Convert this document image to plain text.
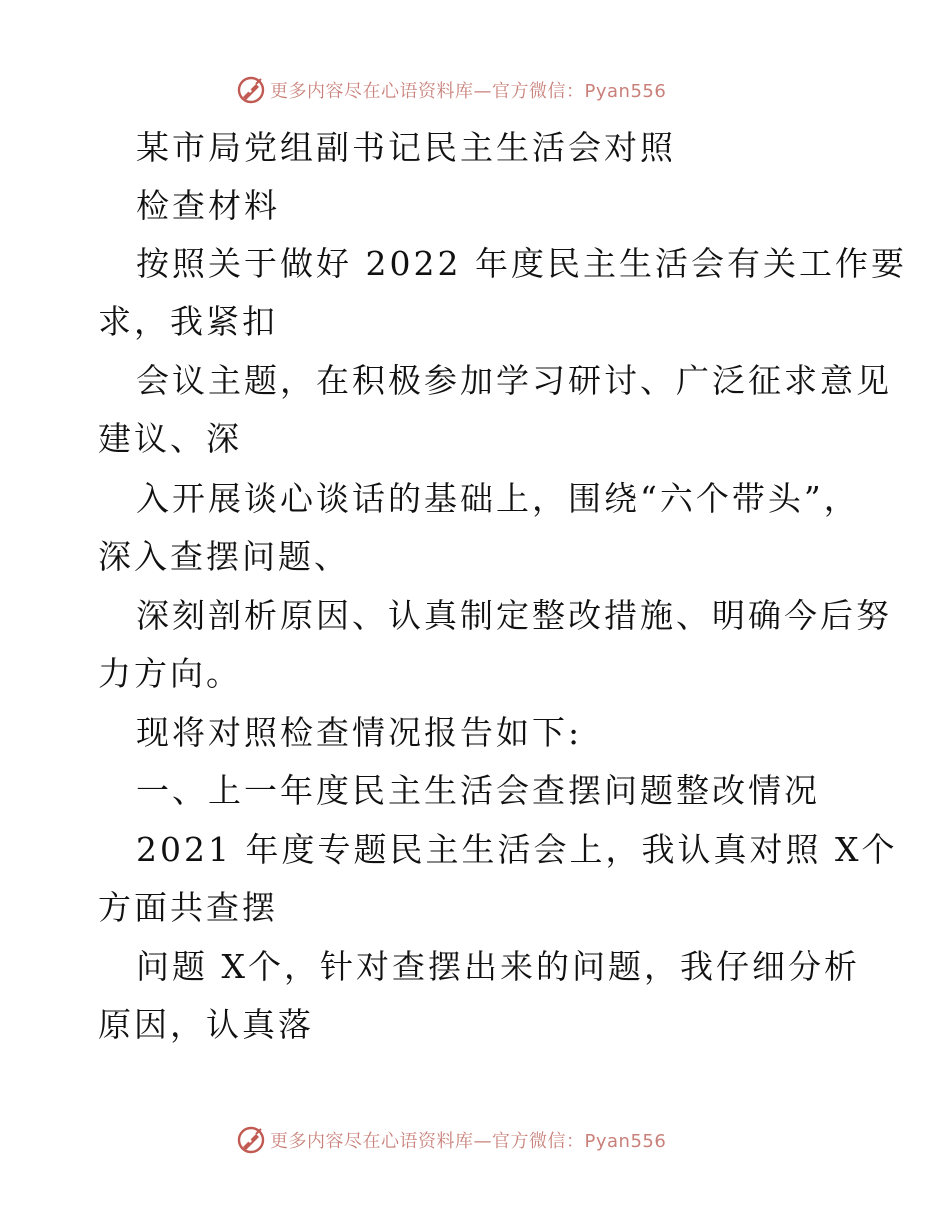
更多内容尽在心语资料库—官方微信：Pyan556
某市局党组副书记民主生活会对照
检查材料
按照关于做好 2022 年度民主生活会有关工作要
求，我紧扣
会议主题，在积极参加学习研讨、广泛征求意见
建议、深
入开展谈心谈话的基础上，围绕“六个带头”，
深入查摆问题、
深刻剖析原因、认真制定整改措施、明确今后努
力方向。
现将对照检查情况报告如下:
一、上一年度民主生活会查摆问题整改情况
2021 年度专题民主生活会上，我认真对照 X个
方面共查摆
问题 X个，针对查摆出来的问题，我仔细分析
原因，认真落
更多内容尽在心语资料库—官方微信：Pyan556
